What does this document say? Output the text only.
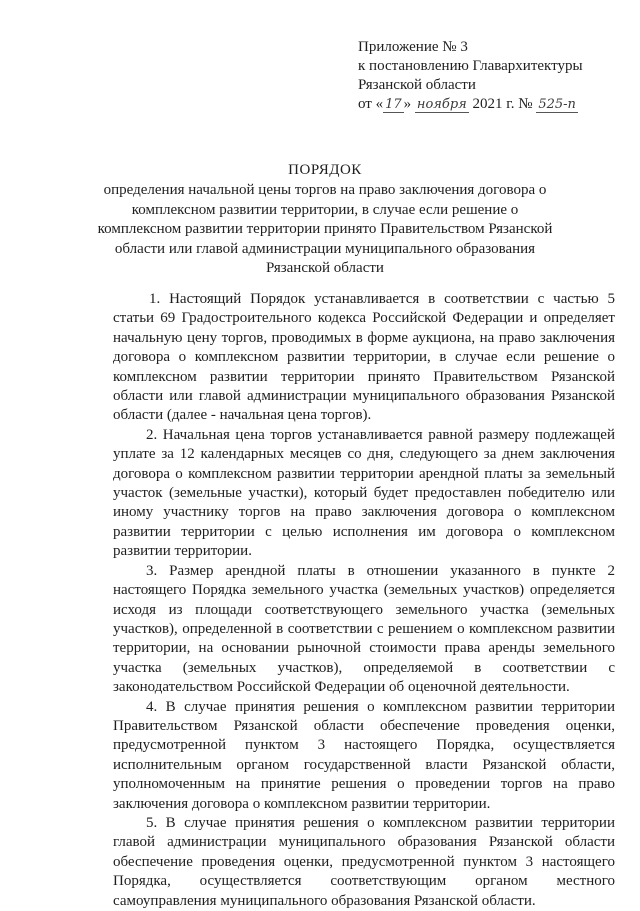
Приложение № 3
к постановлению Главархитектуры
Рязанской области
от « 17 » ноября 2021 г. № 525-п
ПОРЯДОК
определения начальной цены торгов на право заключения договора о комплексном развитии территории, в случае если решение о комплексном развитии территории принято Правительством Рязанской области или главой администрации муниципального образования Рязанской области

1. Настоящий Порядок устанавливается в соответствии с частью 5 статьи 69 Градостроительного кодекса Российской Федерации и определяет начальную цену торгов, проводимых в форме аукциона, на право заключения договора о комплексном развитии территории, в случае если решение о комплексном развитии территории принято Правительством Рязанской области или главой администрации муниципального образования Рязанской области (далее - начальная цена торгов).

2. Начальная цена торгов устанавливается равной размеру подлежащей уплате за 12 календарных месяцев со дня, следующего за днем заключения договора о комплексном развитии территории арендной платы за земельный участок (земельные участки), который будет предоставлен победителю или иному участнику торгов на право заключения договора о комплексном развитии территории с целью исполнения им договора о комплексном развитии территории.

3. Размер арендной платы в отношении указанного в пункте 2 настоящего Порядка земельного участка (земельных участков) определяется исходя из площади соответствующего земельного участка (земельных участков), определенной в соответствии с решением о комплексном развитии территории, на основании рыночной стоимости права аренды земельного участка (земельных участков), определяемой в соответствии с законодательством Российской Федерации об оценочной деятельности.

4. В случае принятия решения о комплексном развитии территории Правительством Рязанской области обеспечение проведения оценки, предусмотренной пунктом 3 настоящего Порядка, осуществляется исполнительным органом государственной власти Рязанской области, уполномоченным на принятие решения о проведении торгов на право заключения договора о комплексном развитии территории.

5. В случае принятия решения о комплексном развитии территории главой администрации муниципального образования Рязанской области обеспечение проведения оценки, предусмотренной пунктом 3 настоящего Порядка, осуществляется соответствующим органом местного самоуправления муниципального образования Рязанской области.
